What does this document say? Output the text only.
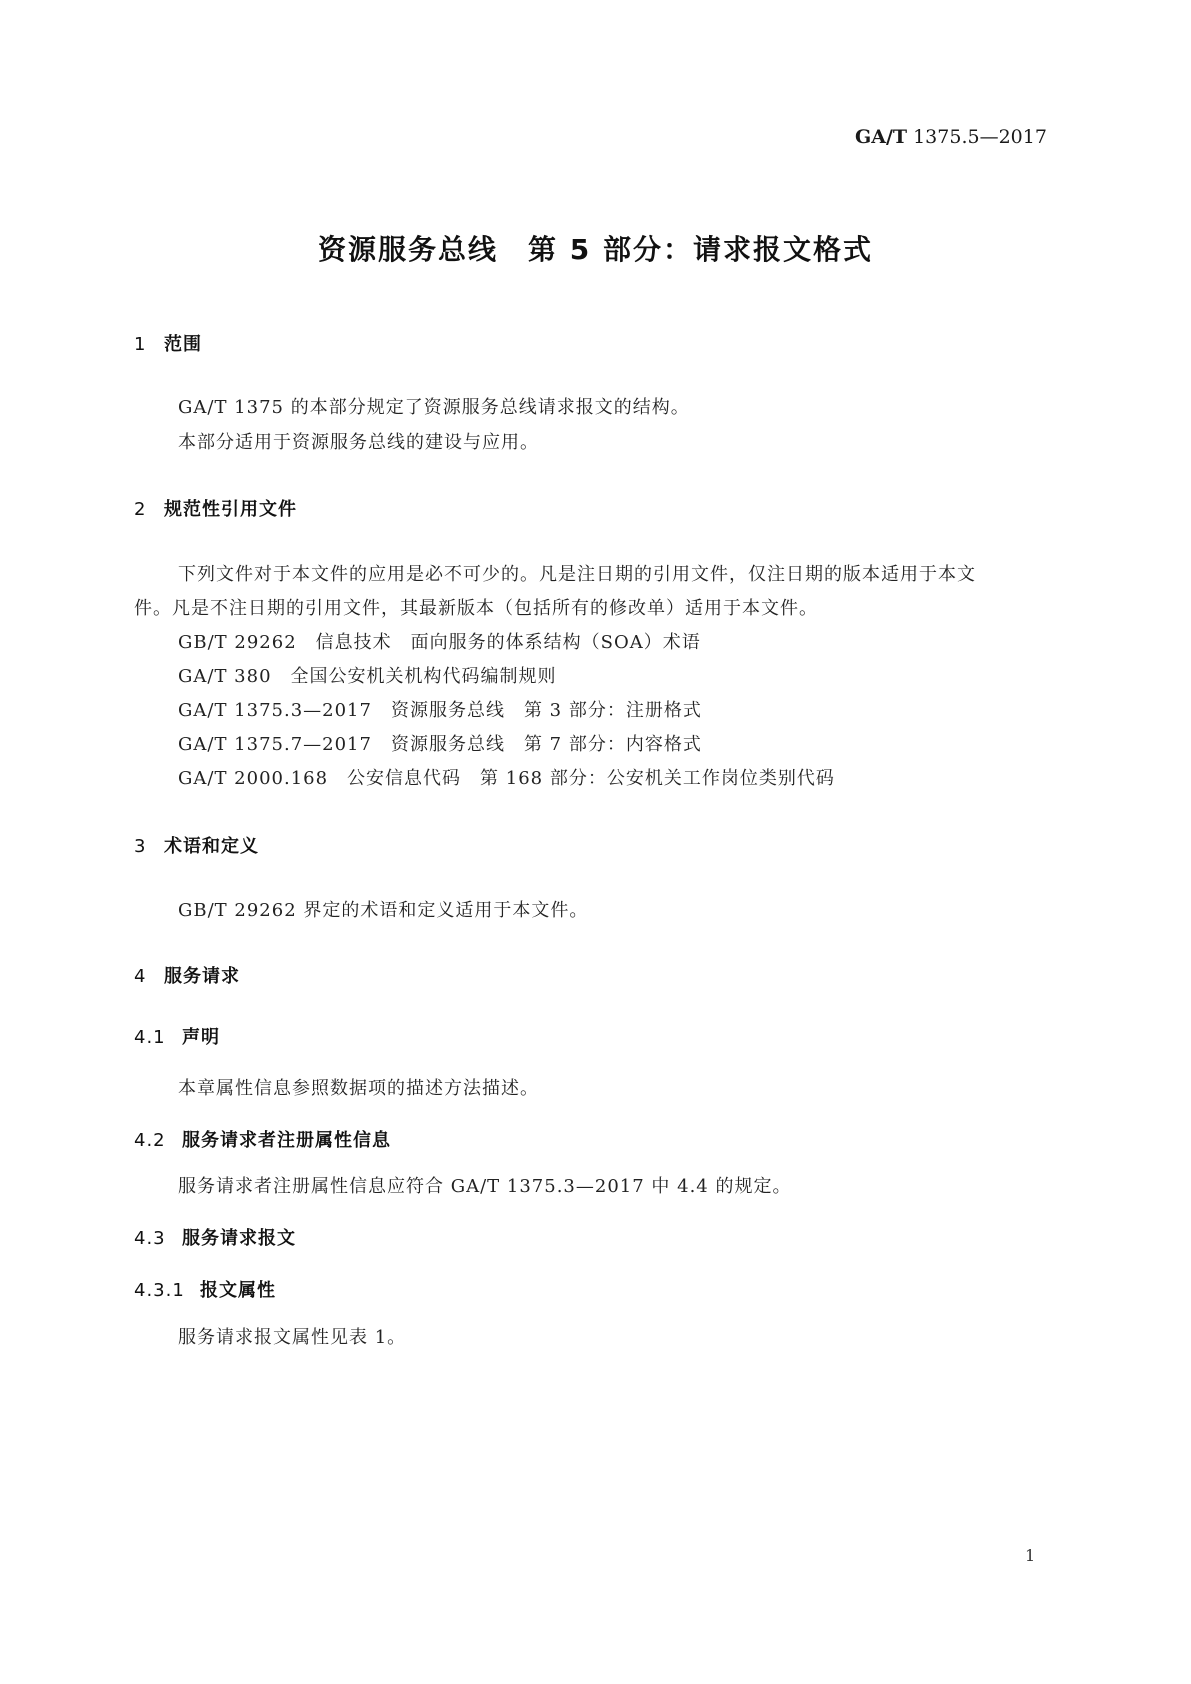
GA/T 1375.5—2017
资源服务总线　第 5 部分：请求报文格式
1 范围
GA/T 1375 的本部分规定了资源服务总线请求报文的结构。
本部分适用于资源服务总线的建设与应用。
2 规范性引用文件
下列文件对于本文件的应用是必不可少的。凡是注日期的引用文件，仅注日期的版本适用于本文
件。凡是不注日期的引用文件，其最新版本（包括所有的修改单）适用于本文件。
GB/T 29262　信息技术　面向服务的体系结构（SOA）术语
GA/T 380　全国公安机关机构代码编制规则
GA/T 1375.3—2017　资源服务总线　第 3 部分：注册格式
GA/T 1375.7—2017　资源服务总线　第 7 部分：内容格式
GA/T 2000.168　公安信息代码　第 168 部分：公安机关工作岗位类别代码
3 术语和定义
GB/T 29262 界定的术语和定义适用于本文件。
4 服务请求
4.1 声明
本章属性信息参照数据项的描述方法描述。
4.2 服务请求者注册属性信息
服务请求者注册属性信息应符合 GA/T 1375.3—2017 中 4.4 的规定。
4.3 服务请求报文
4.3.1 报文属性
服务请求报文属性见表 1。
1
